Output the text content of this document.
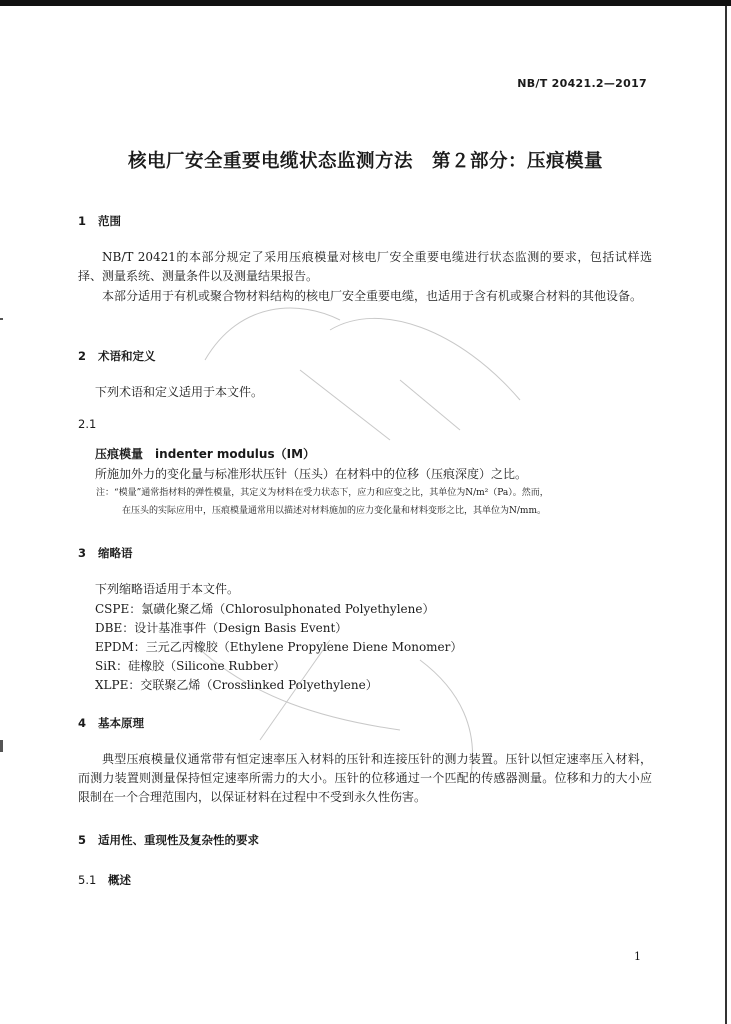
NB/T 20421.2—2017
核电厂安全重要电缆状态监测方法　第２部分：压痕模量
1 范围
NB/T 20421的本部分规定了采用压痕模量对核电厂安全重要电缆进行状态监测的要求，包括试样选择、测量系统、测量条件以及测量结果报告。
本部分适用于有机或聚合物材料结构的核电厂安全重要电缆，也适用于含有机或聚合材料的其他设备。
2 术语和定义
下列术语和定义适用于本文件。
2.1
压痕模量　 indenter modulus（IM）
所施加外力的变化量与标准形状压针（压头）在材料中的位移（压痕深度）之比。
注：“模量”通常指材料的弹性模量，其定义为材料在受力状态下，应力和应变之比，其单位为N/m²（Pa）。然而，
在压头的实际应用中，压痕模量通常用以描述对材料施加的应力变化量和材料变形之比，其单位为N/mm。
3 缩略语
下列缩略语适用于本文件。
CSPE：氯磺化聚乙烯（Chlorosulphonated Polyethylene）
DBE：设计基准事件（Design Basis Event）
EPDM：三元乙丙橡胶（Ethylene Propylene Diene Monomer）
SiR：硅橡胶（Silicone Rubber）
XLPE：交联聚乙烯（Crosslinked Polyethylene）
4 基本原理
典型压痕模量仪通常带有恒定速率压入材料的压针和连接压针的测力装置。压针以恒定速率压入材料，而测力装置则测量保持恒定速率所需力的大小。压针的位移通过一个匹配的传感器测量。位移和力的大小应限制在一个合理范围内，以保证材料在过程中不受到永久性伤害。
5 适用性、重现性及复杂性的要求
5.1 概述
1
